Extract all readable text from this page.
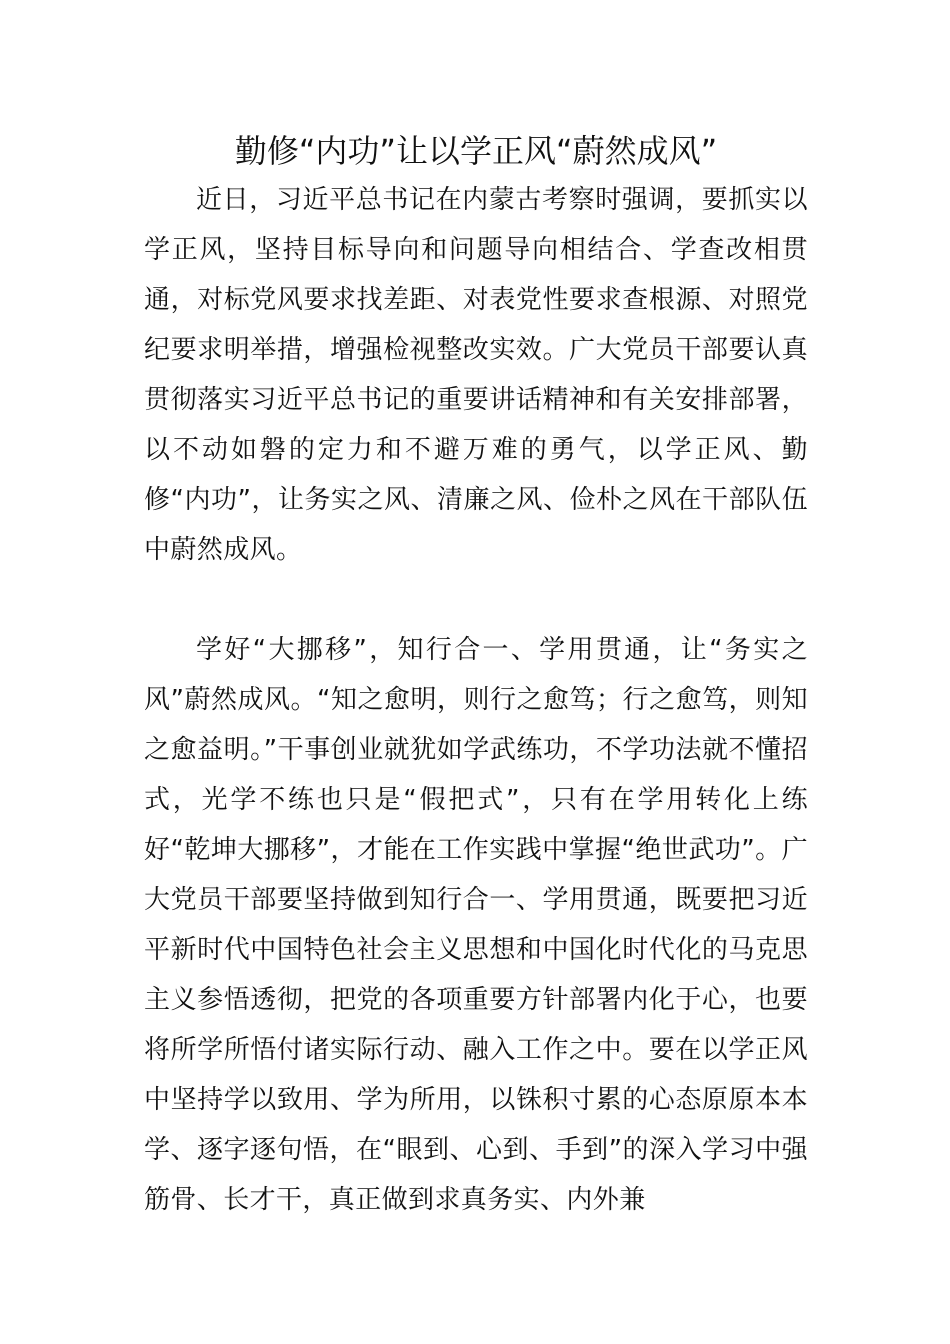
勤修“内功”让以学正风“蔚然成风”

近日，习近平总书记在内蒙古考察时强调，要抓实以学正风，坚持目标导向和问题导向相结合、学查改相贯通，对标党风要求找差距、对表党性要求查根源、对照党纪要求明举措，增强检视整改实效。广大党员干部要认真贯彻落实习近平总书记的重要讲话精神和有关安排部署，以不动如磐的定力和不避万难的勇气，以学正风、勤修“内功”，让务实之风、清廉之风、俭朴之风在干部队伍中蔚然成风。

学好“大挪移”，知行合一、学用贯通，让“务实之风”蔚然成风。“知之愈明，则行之愈笃；行之愈笃，则知之愈益明。”干事创业就犹如学武练功，不学功法就不懂招式，光学不练也只是“假把式”，只有在学用转化上练好“乾坤大挪移”，才能在工作实践中掌握“绝世武功”。广大党员干部要坚持做到知行合一、学用贯通，既要把习近平新时代中国特色社会主义思想和中国化时代化的马克思主义参悟透彻，把党的各项重要方针部署内化于心，也要将所学所悟付诸实际行动、融入工作之中。要在以学正风中坚持学以致用、学为所用，以铢积寸累的心态原原本本学、逐字逐句悟，在“眼到、心到、手到”的深入学习中强筋骨、长才干，真正做到求真务实、内外兼
